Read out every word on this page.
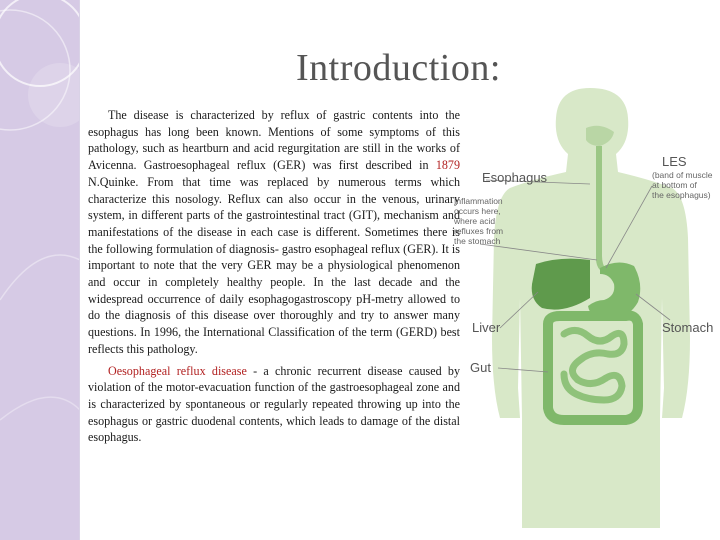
Introduction:

The disease is characterized by reflux of gastric contents into the esophagus has long been known. Mentions of some symptoms of this pathology, such as heartburn and acid regurgitation are still in the works of Avicenna. Gastroesophageal reflux (GER) was first described in 1879 N.Quinke. From that time was replaced by numerous terms which characterize this nosology. Reflux can also occur in the venous, urinary system, in different parts of the gastrointestinal tract (GIT), mechanism and manifestations of the disease in each case is different. Sometimes there is the following formulation of diagnosis- gastro esophageal reflux (GER). It is important to note that the very GER may be a physiological phenomenon and occur in completely healthy people. In the last decade and the widespread occurrence of daily esophagogastroscopy pH-metry allowed to do the diagnosis of this disease over thoroughly and try to answer many questions. In 1996, the International Classification of the term (GERD) best reflects this pathology.

Oesophageal reflux disease - a chronic recurrent disease caused by violation of the motor-evacuation function of the gastroesophageal zone and is characterized by spontaneous or regularly repeated throwing up into the esophagus or gastric duodenal contents, which leads to damage of the distal esophagus.

Esophagus
LES
(band of muscle
at bottom of
the esophagus)
Inflammation
occurs here,
where acid
refluxes from
the stomach
Liver	Stomach
Gut
